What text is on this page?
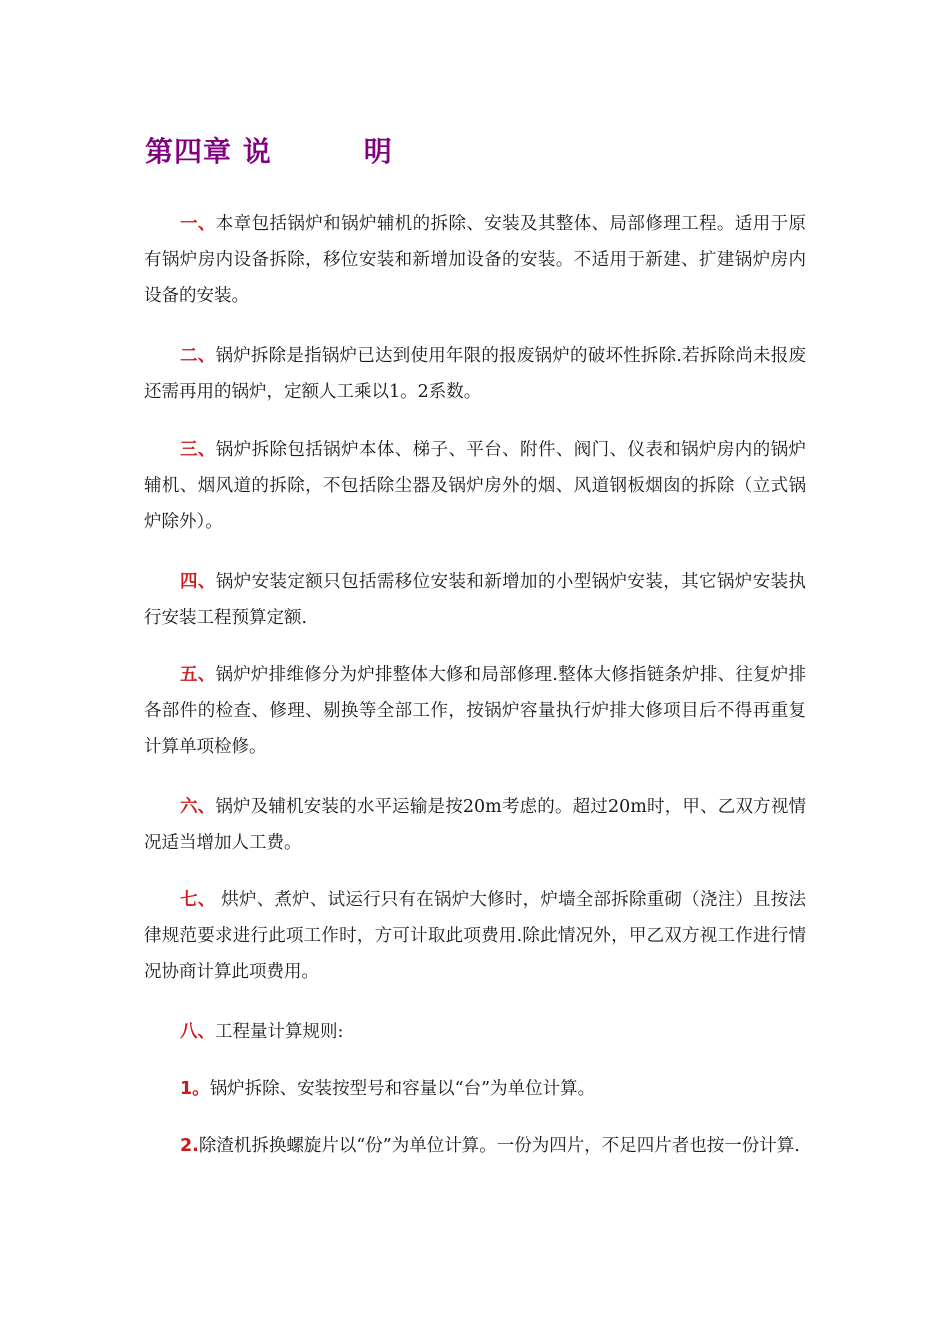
第四章 说	明

一、本章包括锅炉和锅炉辅机的拆除、安装及其整体、局部修理工程。适用于原有锅炉房内设备拆除，移位安装和新增加设备的安装。不适用于新建、扩建锅炉房内设备的安装。

二、锅炉拆除是指锅炉已达到使用年限的报废锅炉的破坏性拆除.若拆除尚未报废还需再用的锅炉，定额人工乘以1。2系数。

三、锅炉拆除包括锅炉本体、梯子、平台、附件、阀门、仪表和锅炉房内的锅炉辅机、烟风道的拆除，不包括除尘器及锅炉房外的烟、风道钢板烟囱的拆除（立式锅炉除外）。

四、锅炉安装定额只包括需移位安装和新增加的小型锅炉安装，其它锅炉安装执行安装工程预算定额.

五、锅炉炉排维修分为炉排整体大修和局部修理.整体大修指链条炉排、往复炉排各部件的检查、修理、剔换等全部工作，按锅炉容量执行炉排大修项目后不得再重复计算单项检修。

六、锅炉及辅机安装的水平运输是按20m考虑的。超过20m时，甲、乙双方视情况适当增加人工费。

七、 烘炉、煮炉、试运行只有在锅炉大修时，炉墙全部拆除重砌（浇注）且按法律规范要求进行此项工作时，方可计取此项费用.除此情况外，甲乙双方视工作进行情况协商计算此项费用。

八、工程量计算规则:

1。锅炉拆除、安装按型号和容量以“台”为单位计算。

2.除渣机拆换螺旋片以“份”为单位计算。一份为四片，不足四片者也按一份计算.
